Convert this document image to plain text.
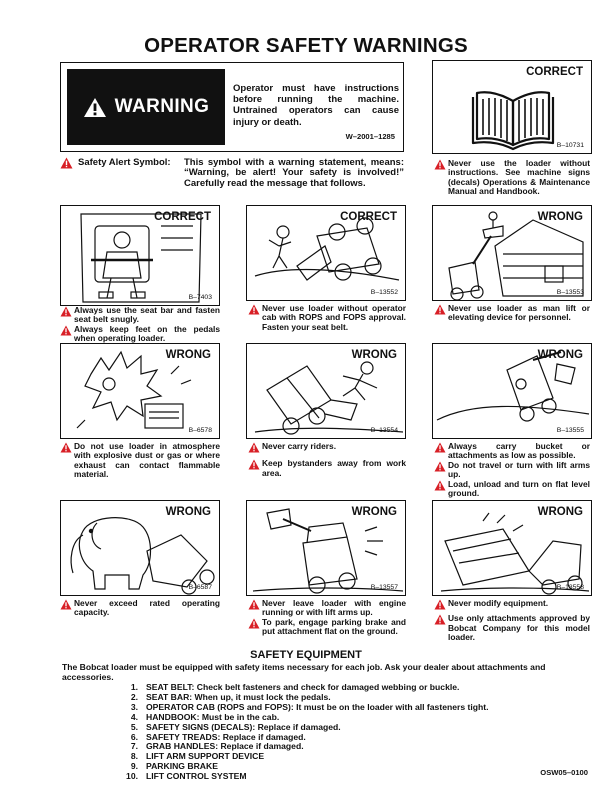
OPERATOR SAFETY WARNINGS
WARNING
Operator must have instructions before running the machine. Untrained operators can cause injury or death.
W–2001–1285
Safety Alert Symbol: This symbol with a warning statement, means: “Warning, be alert! Your safety is involved!” Carefully read the message that follows.
CORRECT
B–10731
Never use the loader without instructions. See machine signs (decals) Operations & Maintenance Manual and Handbook.
CORRECT
B–7403
Always use the seat bar and fasten seat belt snugly.
Always keep feet on the pedals when operating loader.
CORRECT
B–13552
Never use loader without operator cab with ROPS and FOPS approval. Fasten your seat belt.
WRONG
B–13553
Never use loader as man lift or elevating device for personnel.
WRONG
B–6578
Do not use loader in atmosphere with explosive dust or gas or where exhaust can contact flammable material.
WRONG
B–13554
Never carry riders.
Keep bystanders away from work area.
WRONG
B–13555
Always carry bucket or attachments as low as possible.
Do not travel or turn with lift arms up.
Load, unload and turn on flat level ground.
WRONG
B–6587
Never exceed rated operating capacity.
WRONG
B–13557
Never leave loader with engine running or with lift arms up.
To park, engage parking brake and put attachment flat on the ground.
WRONG
B–13558
Never modify equipment.
Use only attachments approved by Bobcat Company for this model loader.
SAFETY EQUIPMENT
The Bobcat loader must be equipped with safety items necessary for each job. Ask your dealer about attachments and accessories.
1. SEAT BELT: Check belt fasteners and check for damaged webbing or buckle.
2. SEAT BAR: When up, it must lock the pedals.
3. OPERATOR CAB (ROPS and FOPS): It must be on the loader with all fasteners tight.
4. HANDBOOK: Must be in the cab.
5. SAFETY SIGNS (DECALS): Replace if damaged.
6. SAFETY TREADS: Replace if damaged.
7. GRAB HANDLES: Replace if damaged.
8. LIFT ARM SUPPORT DEVICE
9. PARKING BRAKE
10. LIFT CONTROL SYSTEM	OSW05–0100
